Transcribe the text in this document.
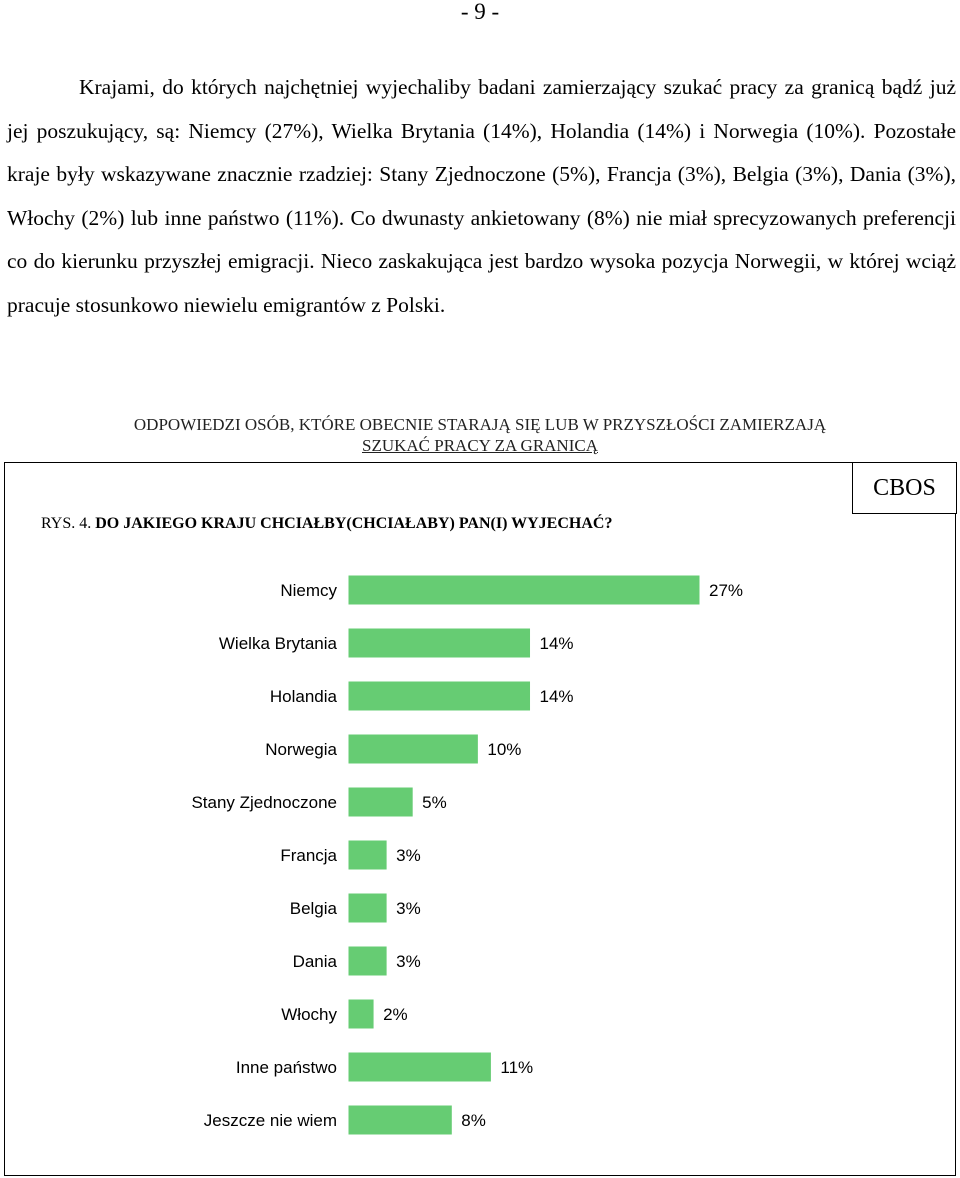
- 9 -

Krajami, do których najchętniej wyjechaliby badani zamierzający szukać pracy za granicą bądź już jej poszukujący, są: Niemcy (27%), Wielka Brytania (14%), Holandia (14%) i Norwegia (10%). Pozostałe kraje były wskazywane znacznie rzadziej: Stany Zjednoczone (5%), Francja (3%), Belgia (3%), Dania (3%), Włochy (2%) lub inne państwo (11%). Co dwunasty ankietowany (8%) nie miał sprecyzowanych preferencji co do kierunku przyszłej emigracji. Nieco zaskakująca jest bardzo wysoka pozycja Norwegii, w której wciąż pracuje stosunkowo niewielu emigrantów z Polski.

ODPOWIEDZI OSÓB, KTÓRE OBECNIE STARAJĄ SIĘ LUB W PRZYSZŁOŚCI ZAMIERZAJĄ
SZUKAĆ PRACY ZA GRANICĄ
CBOS
RYS. 4. DO JAKIEGO KRAJU CHCIAŁBY(CHCIAŁABY) PAN(I) WYJECHAĆ?
Niemcy	27%
Wielka Brytania	14%
Holandia	14%
Norwegia	10%
Stany Zjednoczone	5%
Francja	3%
Belgia	3%
Dania	3%
Włochy	2%
Inne państwo	11%
Jeszcze nie wiem	8%
